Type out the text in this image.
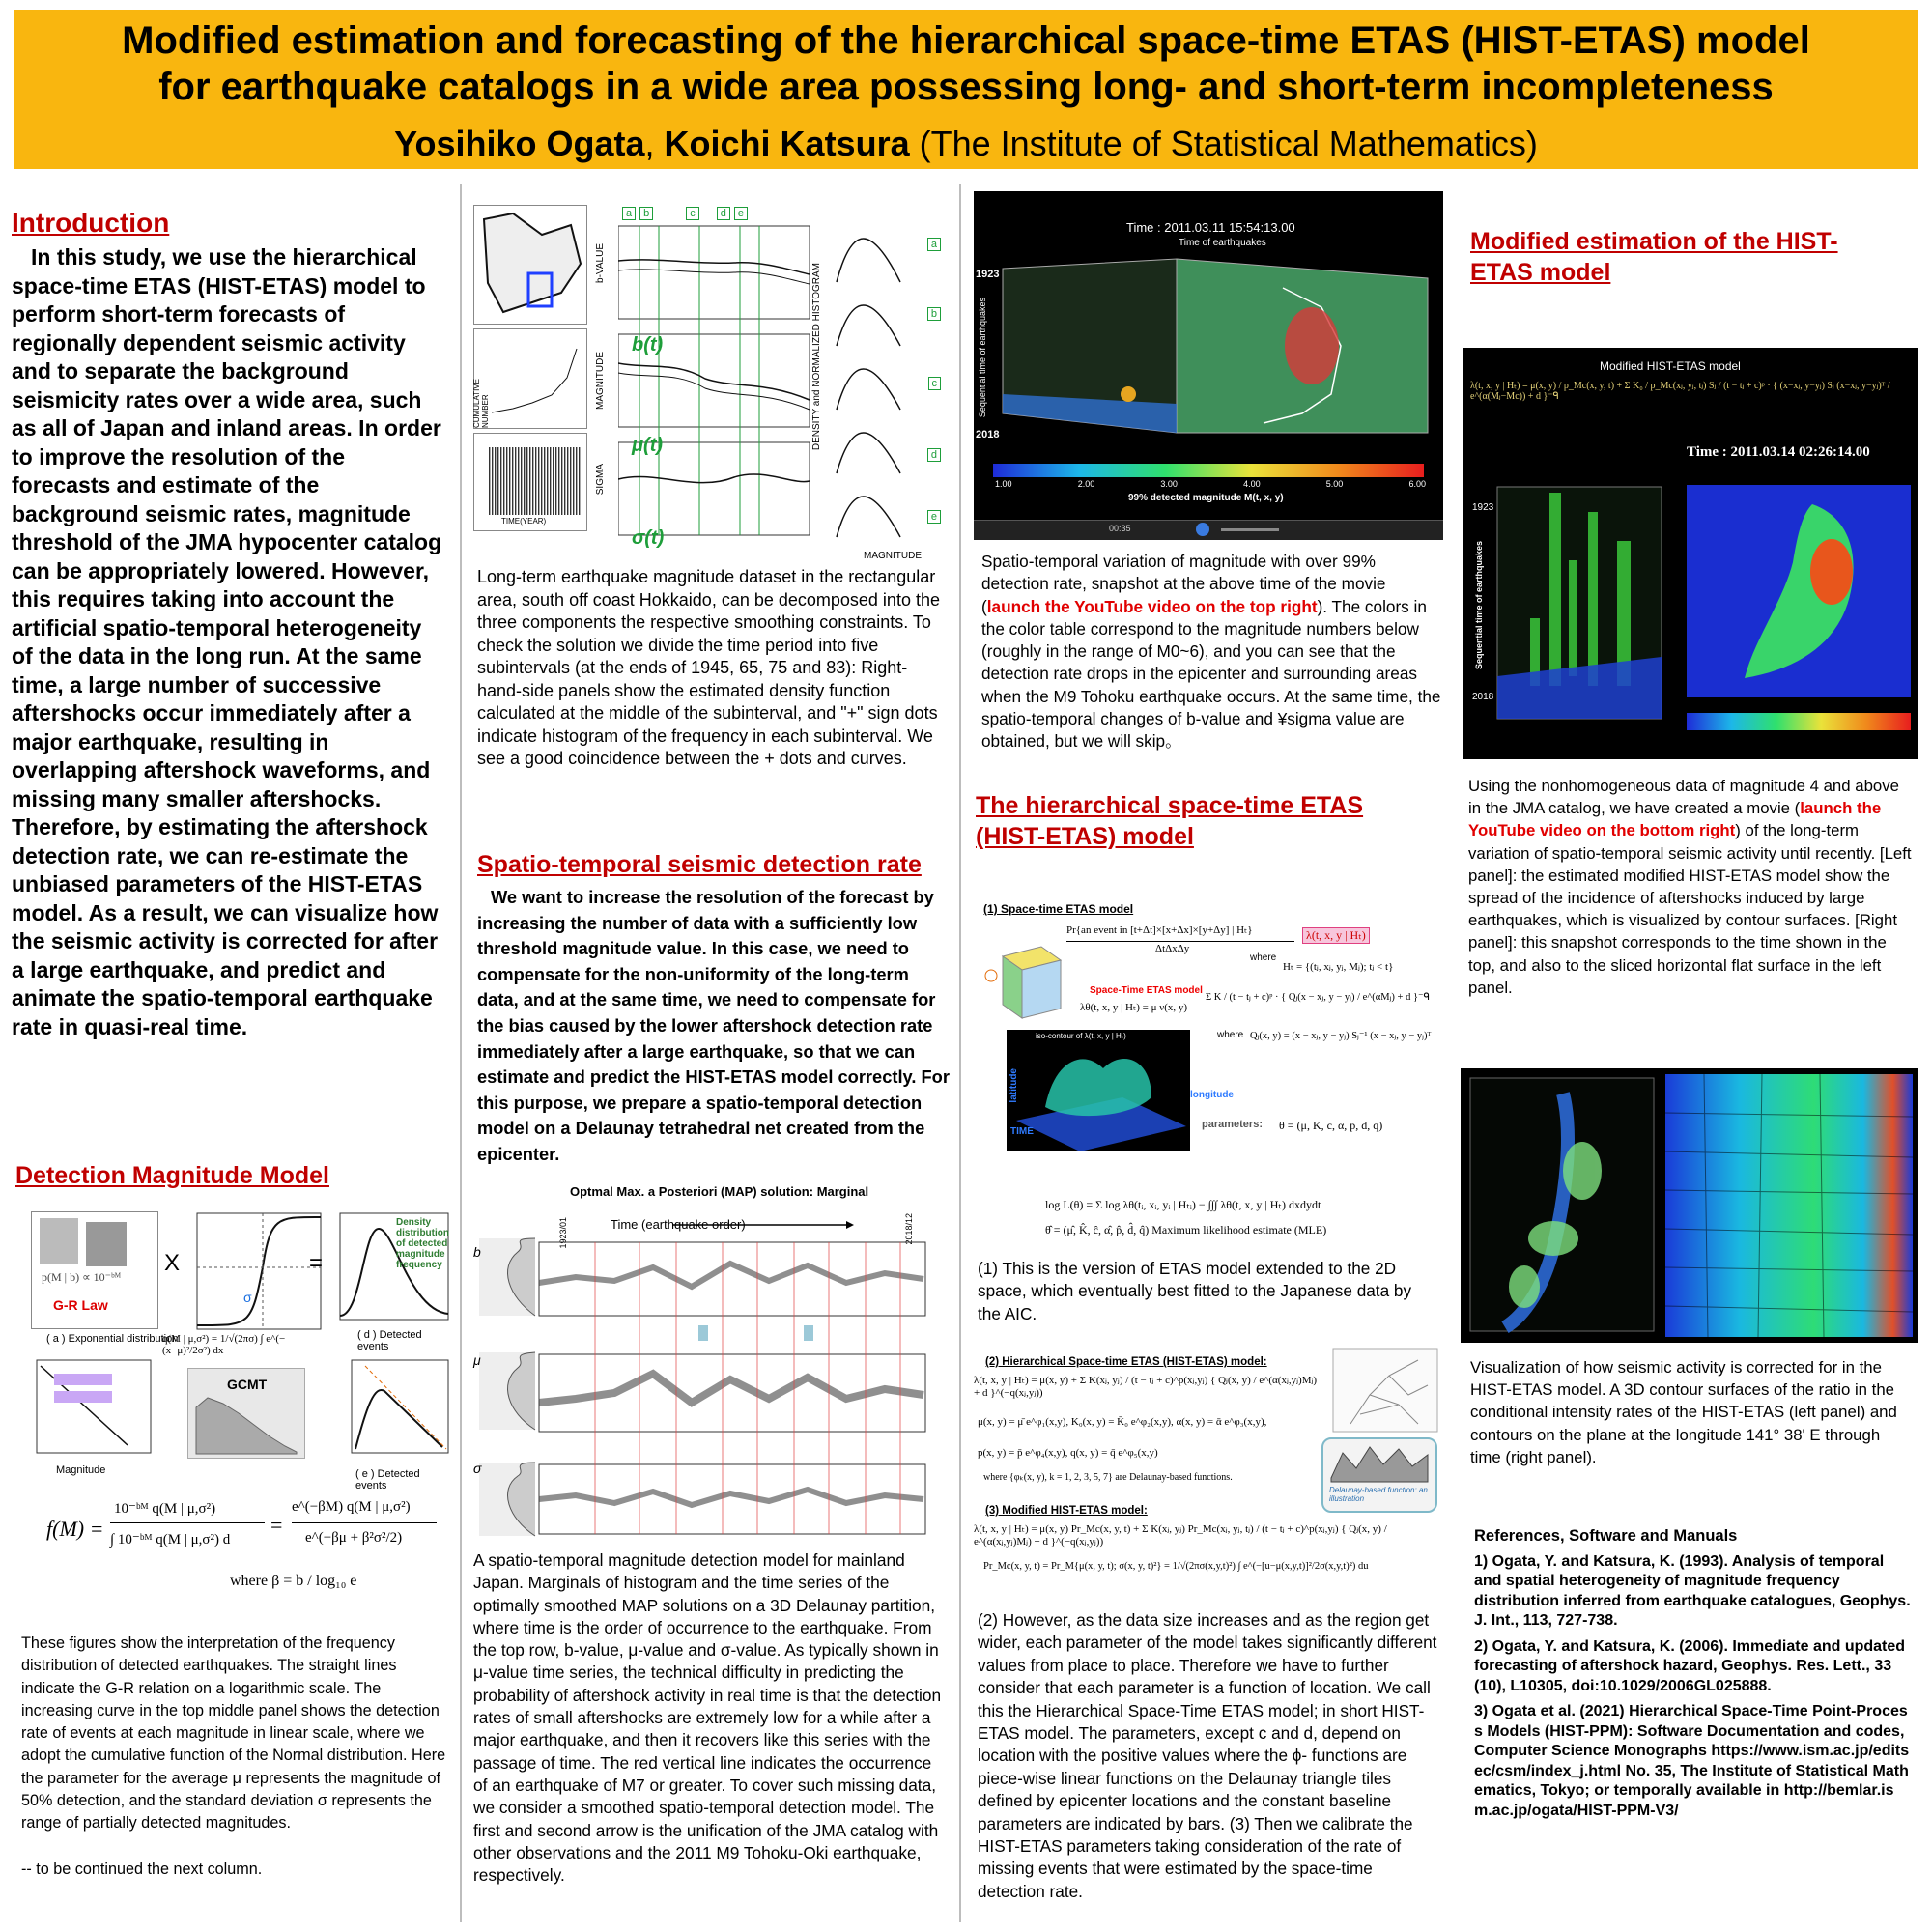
Modified estimation and forecasting of the hierarchical space-time ETAS (HIST-ETAS) model
for earthquake catalogs in a wide area possessing long- and short-term incompleteness
Yosihiko Ogata, Koichi Katsura (The Institute of Statistical Mathematics)
Introduction

In this study, we use the hierarchical space-time ETAS (HIST-ETAS) model to perform short-term forecasts of regionally dependent seismic activity and to separate the background seismicity rates over a wide area, such as all of Japan and inland areas. In order to improve the resolution of the forecasts and estimate of the background seismic rates, magnitude threshold of the JMA hypocenter catalog can be appropriately lowered. However, this requires taking into account the artificial spatio-temporal heterogeneity of the data in the long run. At the same time, a large number of successive aftershocks occur immediately after a major earthquake, resulting in overlapping aftershock waveforms, and missing many smaller aftershocks. Therefore, by estimating the aftershock detection rate, we can re-estimate the unbiased parameters of the HIST-ETAS model. As a result, we can visualize how the seismic activity is corrected for after a large earthquake, and predict and animate the spatio-temporal earthquake rate in quasi-real time.

Detection Magnitude Model
p(M | b) ∝ 10⁻ᵇᴹ
G-R Law
( a ) Exponential distribution
X
σ
q(M | μ,σ²) = 1/√(2πσ) ∫ e^(−(x−μ)²/2σ²) dx
=
Density distribution of detected magnitude frequency
( d ) Detected events
Magnitude
GCMT
( e ) Detected events
f(M) =
10⁻ᵇᴹ q(M | μ,σ²)
∫ 10⁻ᵇᴹ q(M | μ,σ²) d
=
e^(−βM) q(M | μ,σ²)
e^(−βμ + β²σ²/2)
where β = b / log₁₀ e

These figures show the interpretation of the frequency distribution of detected earthquakes. The straight lines indicate the G-R relation on a logarithmic scale. The increasing curve in the top middle panel shows the detection rate of events at each magnitude in linear scale, where we adopt the cumulative function of the Normal distribution. Here the parameter for the average μ represents the magnitude of 50% detection, and the standard deviation σ represents the range of partially detected magnitudes.

-- to be continued the next column.

CUMULATIVE NUMBER
TIME(YEAR)
a	b	c	d	e
b(t)
μ(t)
σ(t)
b-VALUE
MAGNITUDE
SIGMA
a
b
c
d
e
DENSITY and NORMALIZED HISTOGRAM
MAGNITUDE
Long-term earthquake magnitude dataset in the rectangular area, south off coast Hokkaido, can be decomposed into the three components the respective smoothing constraints. To check the solution we divide the time period into five subintervals (at the ends of 1945, 65, 75 and 83): Right-hand-side panels show the estimated density function calculated at the middle of the subinterval, and "+" sign dots indicate histogram of the frequency in each subinterval. We see a good coincidence between the + dots and curves.
Spatio-temporal seismic detection rate

We want to increase the resolution of the forecast by increasing the number of data with a sufficiently low threshold magnitude value. In this case, we need to compensate for the non-uniformity of the long-term data, and at the same time, we need to compensate for the bias caused by the lower aftershock detection rate immediately after a large earthquake, so that we can estimate and predict the HIST-ETAS model correctly. For this purpose, we prepare a spatio-temporal detection model on a Delaunay tetrahedral net created from the epicenter.

Optmal Max. a Posteriori (MAP) solution: Marginal
Time (earthquake order)
1923/01	2018/12
b
μ
σ
A spatio-temporal magnitude detection model for mainland Japan. Marginals of histogram and the time series of the optimally smoothed MAP solutions on a 3D Delaunay partition, where time is the order of occurrence to the earthquake. From the top row, b-value, μ-value and σ-value. As typically shown in μ-value time series, the technical difficulty in predicting the probability of aftershock activity in real time is that the detection rates of small aftershocks are extremely low for a while after a major earthquake, and then it recovers like this series with the passage of time. The red vertical line indicates the occurrence of an earthquake of M7 or greater. To cover such missing data, we consider a smoothed spatio-temporal detection model. The first and second arrow is the unification of the JMA catalog with other observations and the 2011 M9 Tohoku-Oki earthquake, respectively.
Time : 2011.03.11 15:54:13.00
Time of earthquakes
1923
2018
Sequential time of earthquakes
1.00	2.00	3.00	4.00	5.00	6.00
99% detected magnitude M(t, x, y)
00:35
Spatio-temporal variation of magnitude with over 99% detection rate, snapshot at the above time of the movie (launch the YouTube video on the top right). The colors in the color table correspond to the magnitude numbers below (roughly in the range of M0~6), and you can see that the detection rate drops in the epicenter and surrounding areas when the M9 Tohoku earthquake occurs. At the same time, the spatio-temporal changes of b-value and ¥sigma value are obtained, but we will skip。
The hierarchical space-time ETAS (HIST-ETAS) model
(1) Space-time ETAS model
Pr{an event in [t+Δt]×[x+Δx]×[y+Δy] | Hₜ}
ΔtΔxΔy
λ(t, x, y | Hₜ)
where
Hₜ = {(tⱼ, xⱼ, yⱼ, Mⱼ); tⱼ < t}
Space-Time ETAS model
λθ(t, x, y | Hₜ) = μ ν(x, y)
Σ K / (t − tⱼ + c)ᵖ · { Qⱼ(x − xⱼ, y − yⱼ) / e^(αMⱼ) + d }⁻ᑫ
where Qⱼ(x, y) = (x − xⱼ, y − yⱼ) Sⱼ⁻¹ (x − xⱼ, y − yⱼ)ᵀ
iso-contour of λ(t, x, y | Hₜ)
latitude
TIME
longitude
parameters: θ = (μ, K, c, α, p, d, q)
log L(θ) = Σ log λθ(tᵢ, xᵢ, yᵢ | Hₜᵢ) − ∫∫∫ λθ(t, x, y | Hₜ) dxdydt
θ̂ = (μ̂, K̂, ĉ, α̂, p̂, d̂, q̂) Maximum likelihood estimate (MLE)
(1) This is the version of ETAS model extended to the 2D space, which eventually best fitted to the Japanese data by the AIC.
(2) Hierarchical Space-time ETAS (HIST-ETAS) model:
λ(t, x, y | Hₜ) = μ(x, y) + Σ K(xⱼ, yⱼ) / (t − tⱼ + c)^p(xⱼ,yⱼ) { Qⱼ(x, y) / e^(α(xⱼ,yⱼ)Mⱼ) + d }^(−q(xⱼ,yⱼ))
μ(x, y) = μ̄ e^φ₁(x,y), K₀(x, y) = K̄₀ e^φ₂(x,y), α(x, y) = ᾱ e^φ₃(x,y),
p(x, y) = p̄ e^φ₄(x,y), q(x, y) = q̄ e^φ₅(x,y)
where {φₖ(x, y), k = 1, 2, 3, 5, 7} are Delaunay-based functions.
Delaunay-based function: an illustration
(3) Modified HIST-ETAS model:
λ(t, x, y | Hₜ) = μ(x, y) Pr_Mc(x, y, t) + Σ K(xⱼ, yⱼ) Pr_Mc(xⱼ, yⱼ, tⱼ) / (t − tⱼ + c)^p(xⱼ,yⱼ) { Qⱼ(x, y) / e^(α(xⱼ,yⱼ)Mⱼ) + d }^(−q(xⱼ,yⱼ))
Pr_Mc(x, y, t) = Pr_M{μ(x, y, t); σ(x, y, t)²} = 1/√(2πσ(x,y,t)²) ∫ e^(−[u−μ(x,y,t)]²/2σ(x,y,t)²) du
(2) However, as the data size increases and as the region get wider, each parameter of the model takes significantly different values from place to place. Therefore we have to further consider that each parameter is a function of location. We call this the Hierarchical Space-Time ETAS model; in short HIST-ETAS model. The parameters, except c and d, depend on location with the positive values where the ϕ- functions are piece-wise linear functions on the Delaunay triangle tiles defined by epicenter locations and the constant baseline parameters are indicated by bars. (3) Then we calibrate the HIST-ETAS parameters taking consideration of the rate of missing events that were estimated by the space-time detection rate.
Modified estimation of the HIST-ETAS model
Modified HIST-ETAS model
λ(t, x, y | Hₜ) = μ(x, y) / p_Mc(x, y, t) + Σ K₀ / p_Mc(xⱼ, yⱼ, tⱼ) Sⱼ / (t − tⱼ + c)ᵖ · { (x−xⱼ, y−yⱼ) Sⱼ (x−xⱼ, y−yⱼ)ᵀ / e^(α(Mⱼ−Mc)) + d }⁻ᑫ
Time : 2011.03.14 02:26:14.00
1923
2018
Sequential time of earthquakes
Using the nonhomogeneous data of magnitude 4 and above in the JMA catalog, we have created a movie (launch the YouTube video on the bottom right) of the long-term variation of spatio-temporal seismic activity until recently. [Left panel]: the estimated modified HIST-ETAS model show the spread of the incidence of aftershocks induced by large earthquakes, which is visualized by contour surfaces. [Right panel]: this snapshot corresponds to the time shown in the top, and also to the sliced horizontal flat surface in the left panel.
Visualization of how seismic activity is corrected for in the HIST-ETAS model. A 3D contour surfaces of the ratio in the conditional intensity rates of the HIST-ETAS (left panel) and contours on the plane at the longitude 141° 38' E through time (right panel).

References, Software and Manuals

1) Ogata, Y. and Katsura, K. (1993). Analysis of temporal and spatial heterogeneity of magnitude frequency distribution inferred from earthquake catalogues, Geophys. J. Int., 113, 727-738.

2) Ogata, Y. and Katsura, K. (2006). Immediate and updated forecasting of aftershock hazard, Geophys. Res. Lett., 33 (10), L10305, doi:10.1029/2006GL025888.

3) Ogata et al. (2021) Hierarchical Space-Time Point-Process Models (HIST-PPM): Software Documentation and codes, Computer Science Monographs https://www.ism.ac.jp/editsec/csm/index_j.html No. 35, The Institute of Statistical Mathematics, Tokyo; or temporally available in http://bemlar.ism.ac.jp/ogata/HIST-PPM-V3/
